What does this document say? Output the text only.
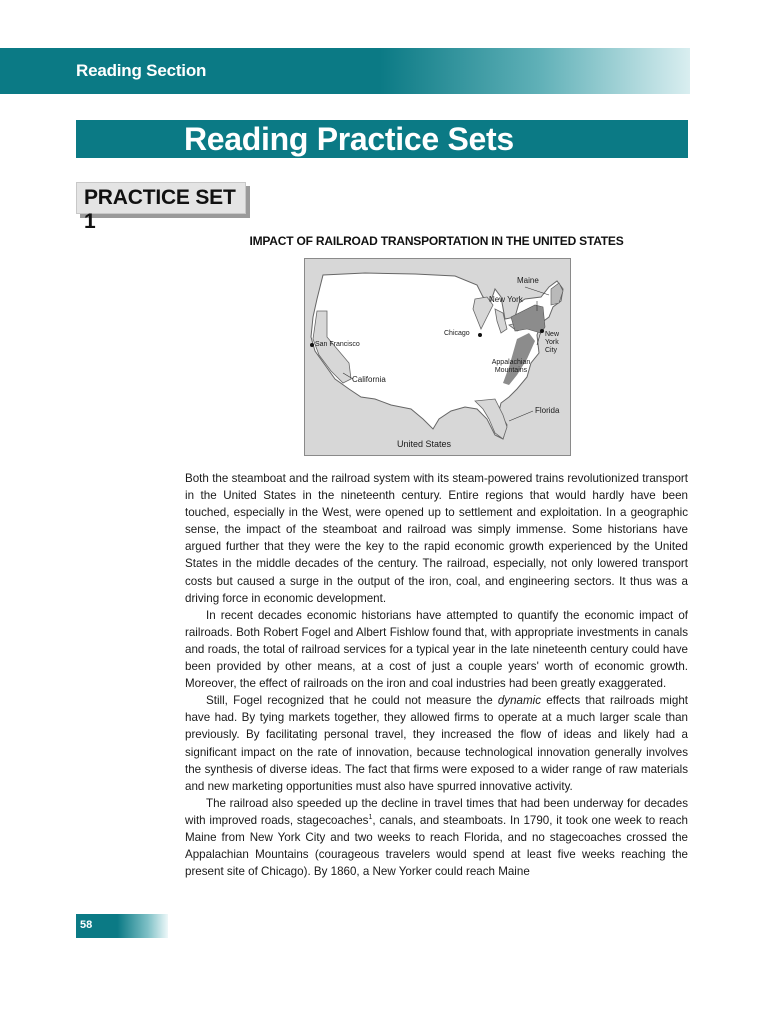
Reading Section
Reading Practice Sets
PRACTICE SET 1
IMPACT OF RAILROAD TRANSPORTATION IN THE UNITED STATES
Maine
New York
Chicago	New York City
San Francisco
Appalachian Mountains
California
Florida
United States

Both the steamboat and the railroad system with its steam-powered trains revolutionized transport in the United States in the nineteenth century. Entire regions that would hardly have been touched, especially in the West, were opened up to settlement and exploitation. In a geographic sense, the impact of the steamboat and railroad was simply immense. Some historians have argued further that they were the key to the rapid economic growth experienced by the United States in the middle decades of the century. The railroad, especially, not only lowered transport costs but caused a surge in the output of the iron, coal, and engineering sectors. It thus was a driving force in economic development.

In recent decades economic historians have attempted to quantify the economic impact of railroads. Both Robert Fogel and Albert Fishlow found that, with appropriate investments in canals and roads, the total of railroad services for a typical year in the late nineteenth century could have been provided by other means, at a cost of just a couple years' worth of economic growth. Moreover, the effect of railroads on the iron and coal industries had been greatly exaggerated.

Still, Fogel recognized that he could not measure the dynamic effects that railroads might have had. By tying markets together, they allowed firms to operate at a much larger scale than previously. By facilitating personal travel, they increased the flow of ideas and likely had a significant impact on the rate of innovation, because technological innovation generally involves the synthesis of diverse ideas. The fact that firms were exposed to a wider range of raw materials and new marketing opportunities must also have spurred innovative activity.

The railroad also speeded up the decline in travel times that had been underway for decades with improved roads, stagecoaches$^1$, canals, and steamboats. In 1790, it took one week to reach Maine from New York City and two weeks to reach Florida, and no stagecoaches crossed the Appalachian Mountains (courageous travelers would spend at least five weeks reaching the present site of Chicago). By 1860, a New Yorker could reach Maine

58
